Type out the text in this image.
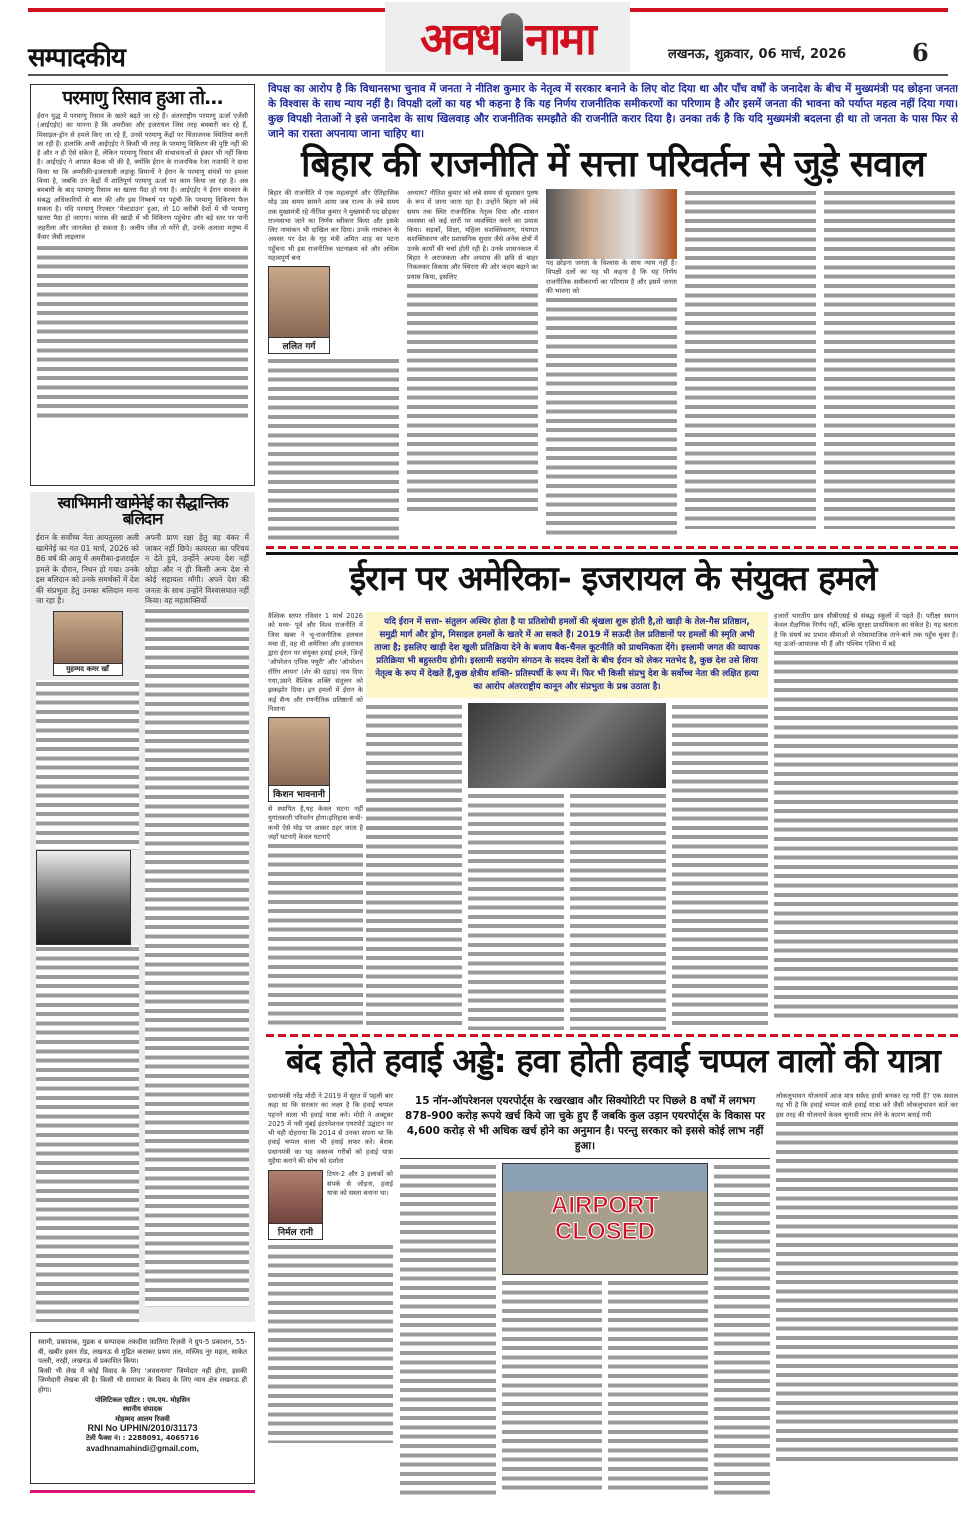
सम्पादकीय	अवध नामा	लखनऊ, शुक्रवार, 06 मार्च, 2026	6
परमाणु रिसाव हुआ तो...
ईरान युद्ध में परमाणु रिसाव के खतरे बढ़ते जा रहे हैं। अंतरराष्ट्रीय परमाणु ऊर्जा एजेंसी (आईएईए) का मानना है कि अमरीका और इजरायल जिस तरह बमबारी कर रहे हैं, मिसाइल-ड्रोन से हमले किए जा रहे हैं, उनसे परमाणु केंद्रों पर चिंताजनक स्थितियां बनती जा रही हैं। हालांकि अभी आईएईए ने किसी भी तरह के परमाणु विकिरण की पुष्टि नहीं की है और न ही ऐसे संकेत हैं, लेकिन परमाणु रिसाव की संभावनाओं से इंकार भी नहीं किया है। आईएईए ने आपात बैठक भी की है, क्योंकि ईरान के राजनयिक रेजा नजाफी ने दावा किया था कि अमरीकी-इजरायली लड़ाकू विमानों ने ईरान के परमाणु संयंत्रों पर हमला किया है, जबकि उन केंद्रों में शांतिपूर्ण परमाणु ऊर्जा पर काम किया जा रहा है। अब बमबारी के बाद परमाणु रिसाव का खतरा पैदा हो गया है। आईएईए ने ईरान सरकार के संबद्ध अधिकारियों से बात की और इस निष्कर्ष पर पहुंची कि परमाणु विकिरण फैल सकता है। यदि परमाणु रिएक्टर 'मेल्टडाउन' हुआ, तो 10 करीबी देशों में भी परमाणु खतरा पैदा हो जाएगा। फारस की खाड़ी में भी विकिरण पहुंचेगा और बड़े स्तर पर पानी जहरीला और जानलेवा हो सकता है। जलीय जीव तो मरेंगे ही, उनके अलावा मनुष्य में कैंसर जैसी लाइलाज
स्वाभिमानी खामेनेई का सैद्धान्तिक बलिदान
ईरान के सर्वोच्च नेता आयतुल्ला अली खामेनेई का गत 01 मार्च, 2026 को 86 वर्ष की आयु में अमरीका-इजराईल हमले के दौरान, निधन हो गया। उनके इस बलिदान को उनके समर्थकों में देश की संप्रभुता हेतु उनका बलिदान माना जा रहा है।
मुहम्मद कमर खाँ
अपनी प्राण रक्षा हेतु वह बंकर में जाकर नहीं छिपे। कायरता का परिचय न देते हुये, उन्होंने अपना देश नहीं छोड़ा और न ही किसी अन्य देश से कोई सहायता माँगी। अपने देश की जनता के साथ उन्होंने विश्वासघात नहीं किया। वह महाशक्तियों

स्वामी, प्रकाशक, मुद्रक व सम्पादक तकदीस फ़ातिमा रिज़वी ने ग्रुप-5 प्रकाशन, 55-बी, खबीर हसन रोड, लखनऊ से मुद्रित कराकर प्रथम तल, मस्जिद नूर महल, साकेत पल्ली, नरही, लखनऊ से प्रकाशित किया।

किसी भी लेख में कोई विवाद के लिए 'अवधनामा' जिम्मेदार नहीं होगा, इसकी जिम्मेदारी लेखक की है। किसी भी समाचार के विवाद के लिए न्याय क्षेत्र लखनऊ ही होगा।

पोलिटिकल एडीटर : एम.एम. मोहसिन

स्थानीय संपादक

मोहम्मद आलम रिजवी

RNI No UPHIN/2010/31173

टेली फैक्स नं। : 2288091, 4065716

avadhnamahindi@gmail.com,

विपक्ष का आरोप है कि विधानसभा चुनाव में जनता ने नीतिश कुमार के नेतृत्व में सरकार बनाने के लिए वोट दिया था और पाँच वर्षों के जनादेश के बीच में मुख्यमंत्री पद छोड़ना जनता के विश्वास के साथ न्याय नहीं है। विपक्षी दलों का यह भी कहना है कि यह निर्णय राजनीतिक समीकरणों का परिणाम है और इसमें जनता की भावना को पर्याप्त महत्व नहीं दिया गया। कुछ विपक्षी नेताओं ने इसे जनादेश के साथ खिलवाड़ और राजनीतिक समझौते की राजनीति करार दिया है। उनका तर्क है कि यदि मुख्यमंत्री बदलना ही था तो जनता के पास फिर से जाने का रास्ता अपनाया जाना चाहिए था।
बिहार की राजनीति में सत्ता परिवर्तन से जुड़े सवाल
बिहार की राजनीति में एक महत्वपूर्ण और ऐतिहासिक मोड़ उस समय सामने आया जब राज्य के लंबे समय तक मुख्यमंत्री रहे नीतिश कुमार ने मुख्यमंत्री पद छोड़कर राज्यसभा जाने का निर्णय स्वीकार किया और इसके लिए नामांकन भी दाखिल कर दिया। उनके नामांकन के अवसर पर देश के गृह मंत्री अमित शाह का पटना पहुँचना भी इस राजनीतिक घटनाक्रम को और अधिक महत्वपूर्ण बना
ललित गर्ग
अध्याय? नीतिश कुमार को लंबे समय से सुशासन पुरुष के रूप में जाना जाता रहा है। उन्होंने बिहार को लंबे समय तक स्थिर राजनीतिक नेतृत्व दिया और शासन व्यवस्था को कई स्तरों पर व्यवस्थित करने का प्रयास किया। सड़कों, शिक्षा, महिला सशक्तिकरण, पंचायत सशक्तिकरण और प्रशासनिक सुधार जैसे अनेक क्षेत्रों में उनके कार्यों की चर्चा होती रही है। उनके शासनकाल में बिहार ने अराजकता और अपराध की छवि से बाहर निकलकर विकास और स्थिरता की ओर कदम बढ़ाने का प्रयास किया, इसलिए
पद छोड़ना जनता के विश्वास के साथ न्याय नहीं है। विपक्षी दलों का यह भी कहना है कि यह निर्णय राजनीतिक समीकरणों का परिणाम है और इसमें जनता की भावना को
ईरान पर अमेरिका- इजरायल के संयुक्त हमले
वैश्विक स्तपर रविवार 1 मार्च 2026 को मध्य- पूर्व और विश्व राजनीति में जिस खबर ने भू-राजनीतिक हलचल मचा दी, वह थी अमेरिका और इजरायल द्वारा ईरान पर संयुक्त हवाई हमले, जिन्हें 'ऑपरेशन एपिक फ्यूरी' और 'ऑपरेशन रोरिंग लायन' (शेर की दहाड़) नाम दिया गया,उसने वैश्विक शक्ति संतुलन को झकझोर दिया। इन हमलों में ईरान के कई सैन्य और रणनीतिक प्रतिष्ठानों को निशाना
किशन भावनानी
से स्थापित है,यह केवल घटना नहीं युगांतकारी परिवर्तन होगा।इतिहास कभी-कभी ऐसे मोड़ पर आकर ठहर जाता है जहाँ घटनाएँ केवल घटनाएँ
यदि ईरान में सत्ता- संतुलन अस्थिर होता है या प्रतिशोधी हमलों की श्रृंखला शुरू होती है,तो खाड़ी के तेल-गैस प्रतिष्ठान, समुद्री मार्ग और ड्रोन, मिसाइल हमलों के खतरे में आ सकते हैं। 2019 में सऊदी तेल प्रतिष्ठानों पर हमलों की स्मृति अभी ताजा है; इसलिए खाड़ी देश खुली प्रतिक्रिया देने के बजाय बैक-चैनल कूटनीति को प्राथमिकता देंगे। इस्लामी जगत की व्यापक प्रतिक्रिया भी बहुस्तरीय होगी। इस्लामी सहयोग संगठन के सदस्य देशों के बीच ईरान को लेकर मतभेद है, कुछ देश उसे शिया नेतृत्व के रूप में देखते हैं,कुछ क्षेत्रीय शक्ति- प्रतिस्पर्धी के रूप में। फिर भी किसी संप्रभु देश के सर्वोच्च नेता की लक्षित हत्या का आरोप अंतरराष्ट्रीय कानून और संप्रभुता के प्रश्न उठाता है।
हजारों भारतीय छात्र सीबीएसई से संबद्ध स्कूलों में पढ़ते हैं। परीक्षा स्थगन केवल शैक्षणिक निर्णय नहीं, बल्कि सुरक्षा प्राथमिकता का संकेत है। यह बताता है कि संघर्ष का प्रभाव सीमाओं से परेसामाजिक ताने-बाने तक पहुँच चुका है। यह ऊर्जा-आयातक भी हैं और पश्चिम एशिया में बड़े
बंद होते हवाई अड्डे: हवा होती हवाई चप्पल वालों की यात्रा
प्रधानमंत्री नरेंद्र मोदी ने 2019 में सूरत में पहली बार कहा था कि सरकार का लक्ष्य है कि हवाई चप्पल पहनने वाला भी हवाई यात्रा करे। मोदी ने अक्टूबर 2025 में नवी मुंबई इंटरनेशनल एयरपोर्ट उद्घाटन पर भी यही दोहराया कि 2014 से उनका सपना था कि हवाई चप्पल वाला भी हवाई सफर करे। बेशक प्रधानमंत्री का यह वक्तव्य गरीबों को हवाई यात्रा मुहैया कराने की सोच को दर्शाता
निर्मल रानी
टियर-2 और 3 इलाकों को संपर्क से जोड़ना, हवाई यात्रा को सस्ता बनाना था।
15 नॉन-ऑपरेशनल एयरपोर्ट्स के रखरखाव और सिक्योरिटी पर पिछले 8 वर्षों में लगभग 878-900 करोड़ रूपये खर्च किये जा चुके हुए हैं जबकि कुल उड़ान एयरपोर्ट्स के विकास पर 4,600 करोड़ से भी अधिक खर्च होने का अनुमान है। परन्तु सरकार को इससे कोई लाभ नहीं हुआ।
AIRPORT
CLOSED
लोकलुभावन योजनायें आज मात्र सफ़ेद हाथी बनकर रह गयी हैं? एक सवाल यह भी है कि हवाई चप्पल वाले हवाई यात्रा करें जैसी लोकलुभावन बातें कर इस तरह की योजनायें केवल चुनावी लाभ लेने के कारण बनाई गयी
